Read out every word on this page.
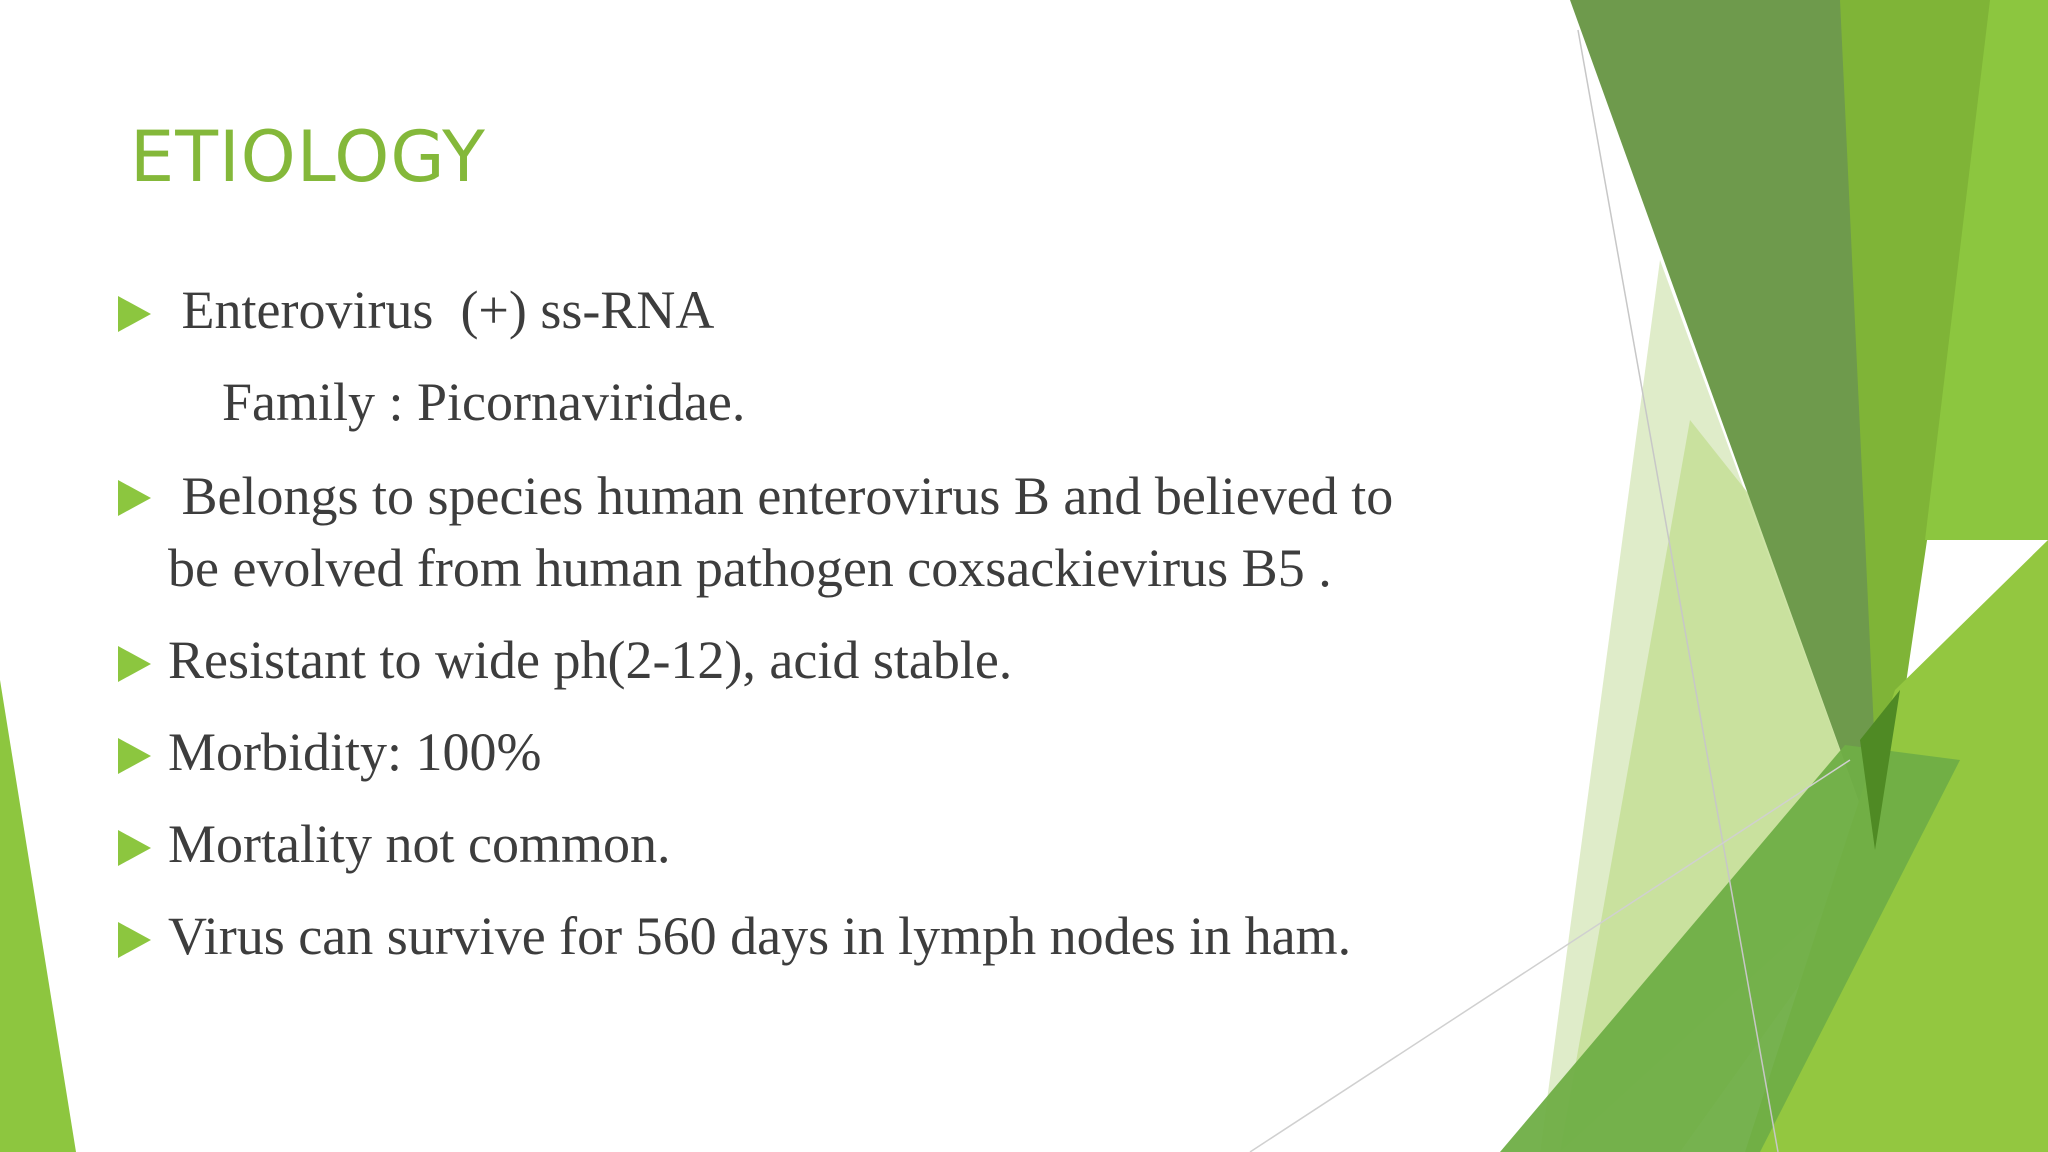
ETIOLOGY
Enterovirus  (+) ss-RNA
Family : Picornaviridae.
Belongs to species human enterovirus B and believed to
be evolved from human pathogen coxsackievirus B5 .
Resistant to wide ph(2-12), acid stable.
Morbidity: 100%
Mortality not common.
Virus can survive for 560 days in lymph nodes in ham.
